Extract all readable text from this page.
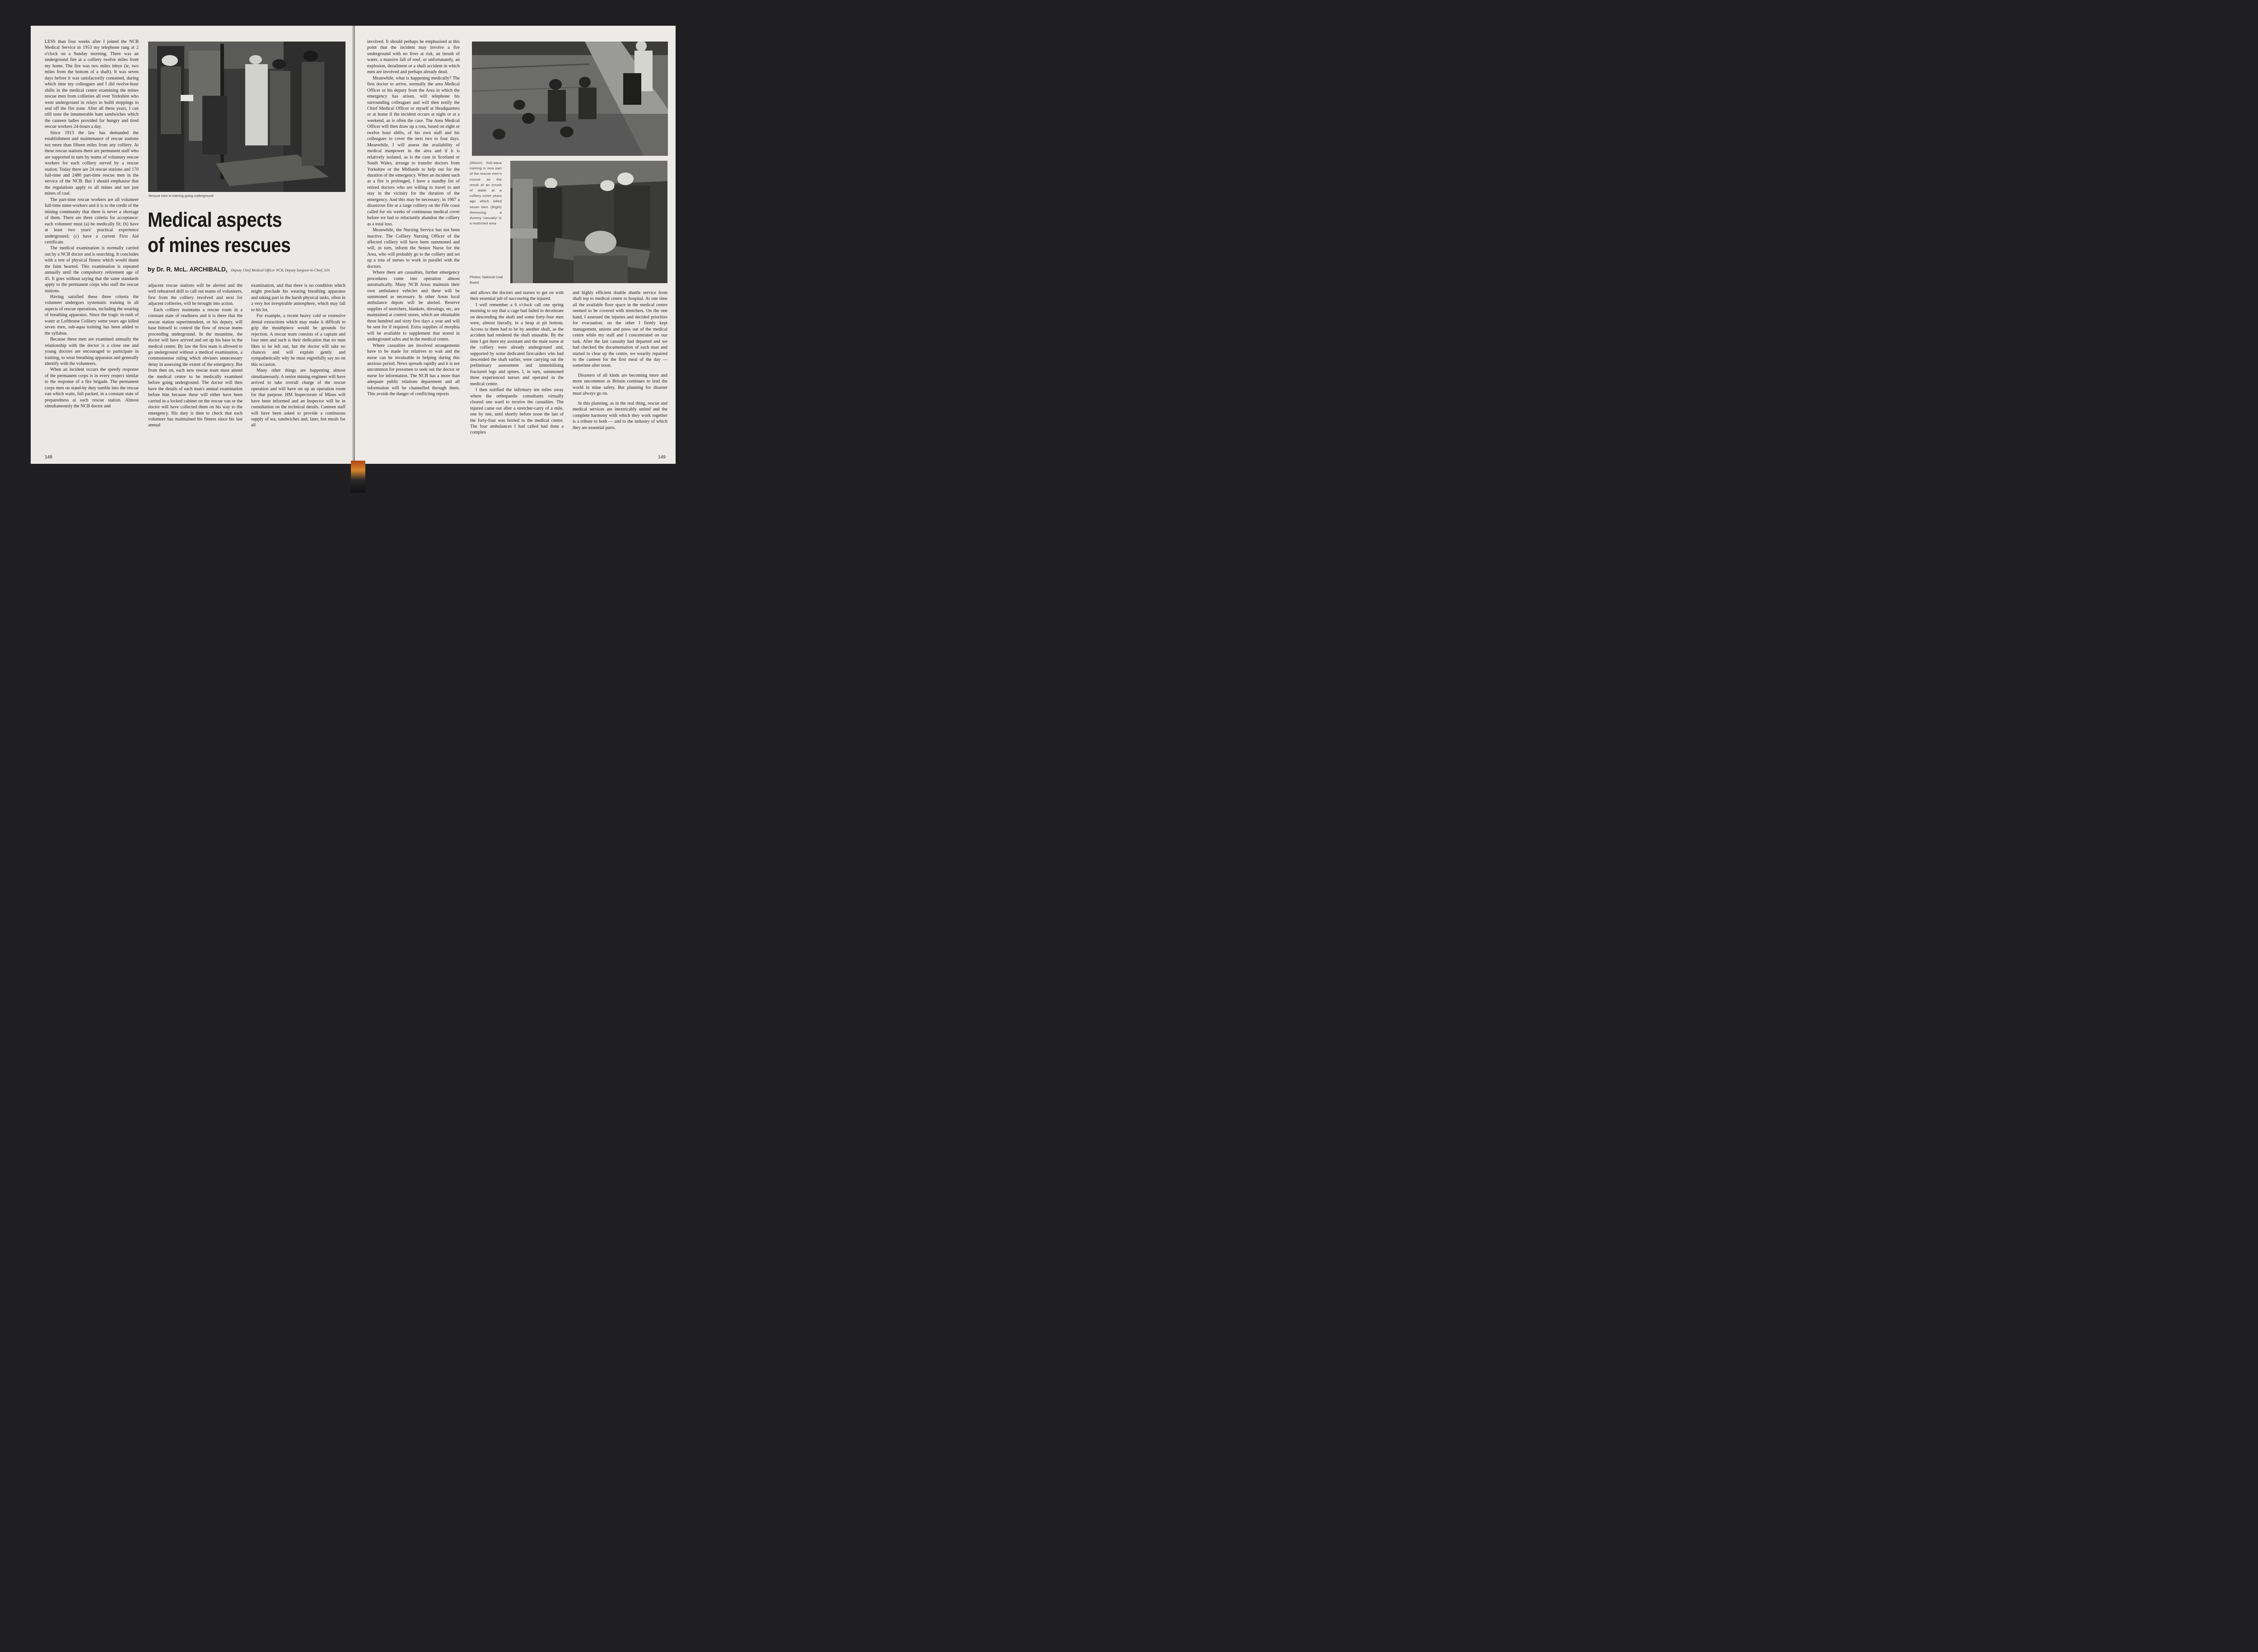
LESS than four weeks after I joined the NCB Medical Service in 1953 my telephone rang at 2 o'clock on a Sunday morning. There was an underground fire at a colliery twelve miles from my home. The fire was two miles inbye (ie, two miles from the bottom of a shaft). It was seven days before it was satisfactorily contained, during which time my colleagues and I did twelve-hour shifts in the medical centre examining the mines rescue men from collieries all over Yorkshire who went underground in relays to build stoppings to seal off the fire zone. After all these years, I can still taste the innumerable ham sandwiches which the canteen ladies provided for hungry and tired rescue workers 24-hours a day.

Since 1913 the law has demanded the establishment and maintenance of rescue stations not more than fifteen miles from any colliery. At these rescue stations there are permanent staff who are supported in turn by teams of voluntary rescue workers for each colliery served by a rescue station. Today there are 24 rescue stations and 170 full-time and 2480 part-time rescue men in the service of the NCB. But I should emphasise that the regulations apply to all mines and not just mines of coal.

The part-time rescue workers are all volunteer full-time mine-workers and it is to the credit of the mining community that there is never a shortage of them. There are three criteria for acceptance: each volunteer must (a) be medically fit; (b) have at least two years' practical experience underground; (c) have a current First Aid certificate.

The medical examination is normally carried out by a NCB doctor and is searching. It concludes with a test of physical fitness which would daunt the faint hearted. This examination is repeated annually until the compulsory retirement age of 45. It goes without saying that the same standards apply to the permanent corps who staff the rescue stations.

Having satisfied these three criteria the volunteer undergoes systematic training in all aspects of rescue operations, including the wearing of breathing apparatus. Since the tragic in-rush of water at Lofthouse Colliery some years ago killed seven men, sub-aqua training has been added to the syllabus.

Because these men are examined annually the relationship with the doctor is a close one and young doctors are encouraged to participate in training, to wear breathing apparatus and generally identify with the volunteers.

When an incident occurs the speedy response of the permanent corps is in every respect similar to the response of a fire brigade. The permanent corps men on stand-by duty tumble into the rescue van which waits, full packed, in a constant state of preparedness at each rescue station. Almost simultaneously the NCB doctor and

Rescue men in training going underground
Medical aspects
of mines rescues
by Dr. R. McL. ARCHIBALD, Deputy Chief Medical Officer NCB, Deputy Surgeon-in-Chief, SJA

adjacent rescue stations will be alerted and the well rehearsed drill to call out teams of volunteers, first from the colliery involved and next for adjacent collieries, will be brought into action.

Each colliery maintains a rescue room in a constant state of readiness and it is there that the rescue station superintendent, or his deputy, will base himself to control the flow of rescue teams proceeding underground. In the meantime, the doctor will have arrived and set up his base in the medical centre. By law the first team is allowed to go underground without a medical examination, a commonsense ruling which obviates unnecessary delay in assessing the extent of the emergency. But from then on, each new rescue team must attend the medical centre to be medically examined before going underground. The doctor will then have the details of each man's annual examination before him because these will either have been carried in a locked cabinet on the rescue van or the doctor will have collected them on his way to the emergency. His duty is then to check that each volunteer has maintained his fitness since his last annual

examination, and that there is no condition which might preclude his wearing breathing apparatus and taking part in the harsh physical tasks, often in a very hot irrespirable atmosphere, which may fall to his lot.

For example, a recent heavy cold or extensive dental extractions which may make it difficult to grip the mouthpiece would be grounds for rejection. A rescue team consists of a captain and four men and such is their dedication that no man likes to be left out, but the doctor will take no chances and will explain gently and sympathetically why he must regretfully say no on this occasion.

Many other things are happening almost simultaneously. A senior mining engineer will have arrived to take overall charge of the rescue operation and will have set up an operation room for that purpose. HM Inspectorate of Mines will have been informed and an Inspector will be in consultation on the technical details. Canteen staff will have been asked to provide a continuous supply of tea, sandwiches and, later, hot meals for all

148

involved. It should perhaps be emphasised at this point that the incident may involve a fire underground with no lives at risk, an inrush of water, a massive fall of roof, or unfortunately, an explosion, derailment or a shaft accident in which men are involved and perhaps already dead.

Meanwhile, what is happening medically? The first doctor to arrive, normally the area Medical Officer or his deputy from the Area in which the emergency has arisen, will telephone his surrounding colleagues and will then notify the Chief Medical Officer or myself at Headquarters or at home if the incident occurs at night or at a weekend, as is often the case. The Area Medical Officer will then draw up a rota, based on eight or twelve hour shifts, of his own staff and his colleagues to cover the next two to four days. Meanwhile, I will assess the availability of medical manpower in the area and if it is relatively isolated, as is the case in Scotland or South Wales, arrange to transfer doctors from Yorkshire or the Midlands to help out for the duration of the emergency. When an incident such as a fire is prolonged, I have a standby list of retired doctors who are willing to travel to and stay in the vicinity for the duration of the emergency. And this may be necessary; in 1967 a disastrous fire at a large colliery on the Fife coast called for six weeks of continuous medical cover before we had to reluctantly abandon the colliery as a total loss.

Meanwhile, the Nursing Service has not been inactive. The Colliery Nursing Officer of the affected colliery will have been summoned and will, in turn, inform the Senior Nurse for the Area, who will probably go to the colliery and set up a rota of nurses to work in parallel with the doctors.

Where there are casualties, further emergency procedures come into operation almost automatically. Many NCB Areas maintain their own ambulance vehicles and these will be summoned as necessary. In other Areas local ambulance depots will be alerted. Reserve supplies of stretchers, blankets, dressings, etc, are maintained at control stores, which are obtainable three hundred and sixty five days a year and will be sent for if required. Extra supplies of morphia will be available to supplement that stored in underground safes and in the medical centre.

Where casualties are involved arrangements have to be made for relatives to wait and the nurse can be invaluable in helping during this anxious period. News spreads rapidly and it is not uncommon for pressmen to seek out the doctor or nurse for information. The NCB has a more than adequate public relations department and all information will be channelled through them. This avoids the danger of conflicting reports

(Above) Sub-aqua training is now part of the rescue men's course as the result of an inrush of water at a colliery some years ago which killed seven men. (Right) Removing a dummy 'casualty' in a restricted area
Photos: National Coal Board

and allows the doctors and nurses to get on with their essential job of succouring the injured.

I well remember a 6 o'clock call one spring morning to say that a cage had failed to decelerate on descending the shaft and some forty-four men were, almost literally, in a heap at pit bottom. Access to them had to be by another shaft, as the accident had rendered the shaft unusable. By the time I got there my assistant and the male nurse at the colliery were already underground and, supported by some dedicated first-aiders who had descended the shaft earlier, were carrying out the preliminary assessment and immobilising fractured legs and spines. I, in turn, summoned three experienced nurses and operated in the medical centre.

I then notified the infirmary ten miles away where the orthopaedic consultants virtually cleared one ward to receive the casualties. The injured came out after a stretcher-carry of a mile, one by one, until shortly before noon the last of the forty-four was ferried to the medical centre. The four ambulances I had called had done a complex

and highly efficient double shuttle service from shaft top to medical centre to hospital. At one time all the available floor space in the medical centre seemed to be covered with stretchers. On the one hand, I assessed the injuries and decided priorities for evacuation; on the other I firmly kept management, unions and press out of the medical centre while my staff and I concentrated on our task. After the last casualty had departed and we had checked the documentation of each man and started to clear up the centre, we wearily repaired to the canteen for the first meal of the day — sometime after noon.

Disasters of all kinds are becoming more and more uncommon as Britain continues to lead the world in mine safety. But planning for disaster must always go on.

In this planning, as in the real thing, rescue and medical services are inextricably united and the complete harmony with which they work together is a tribute to both — and to the industry of which they are essential parts.

149
